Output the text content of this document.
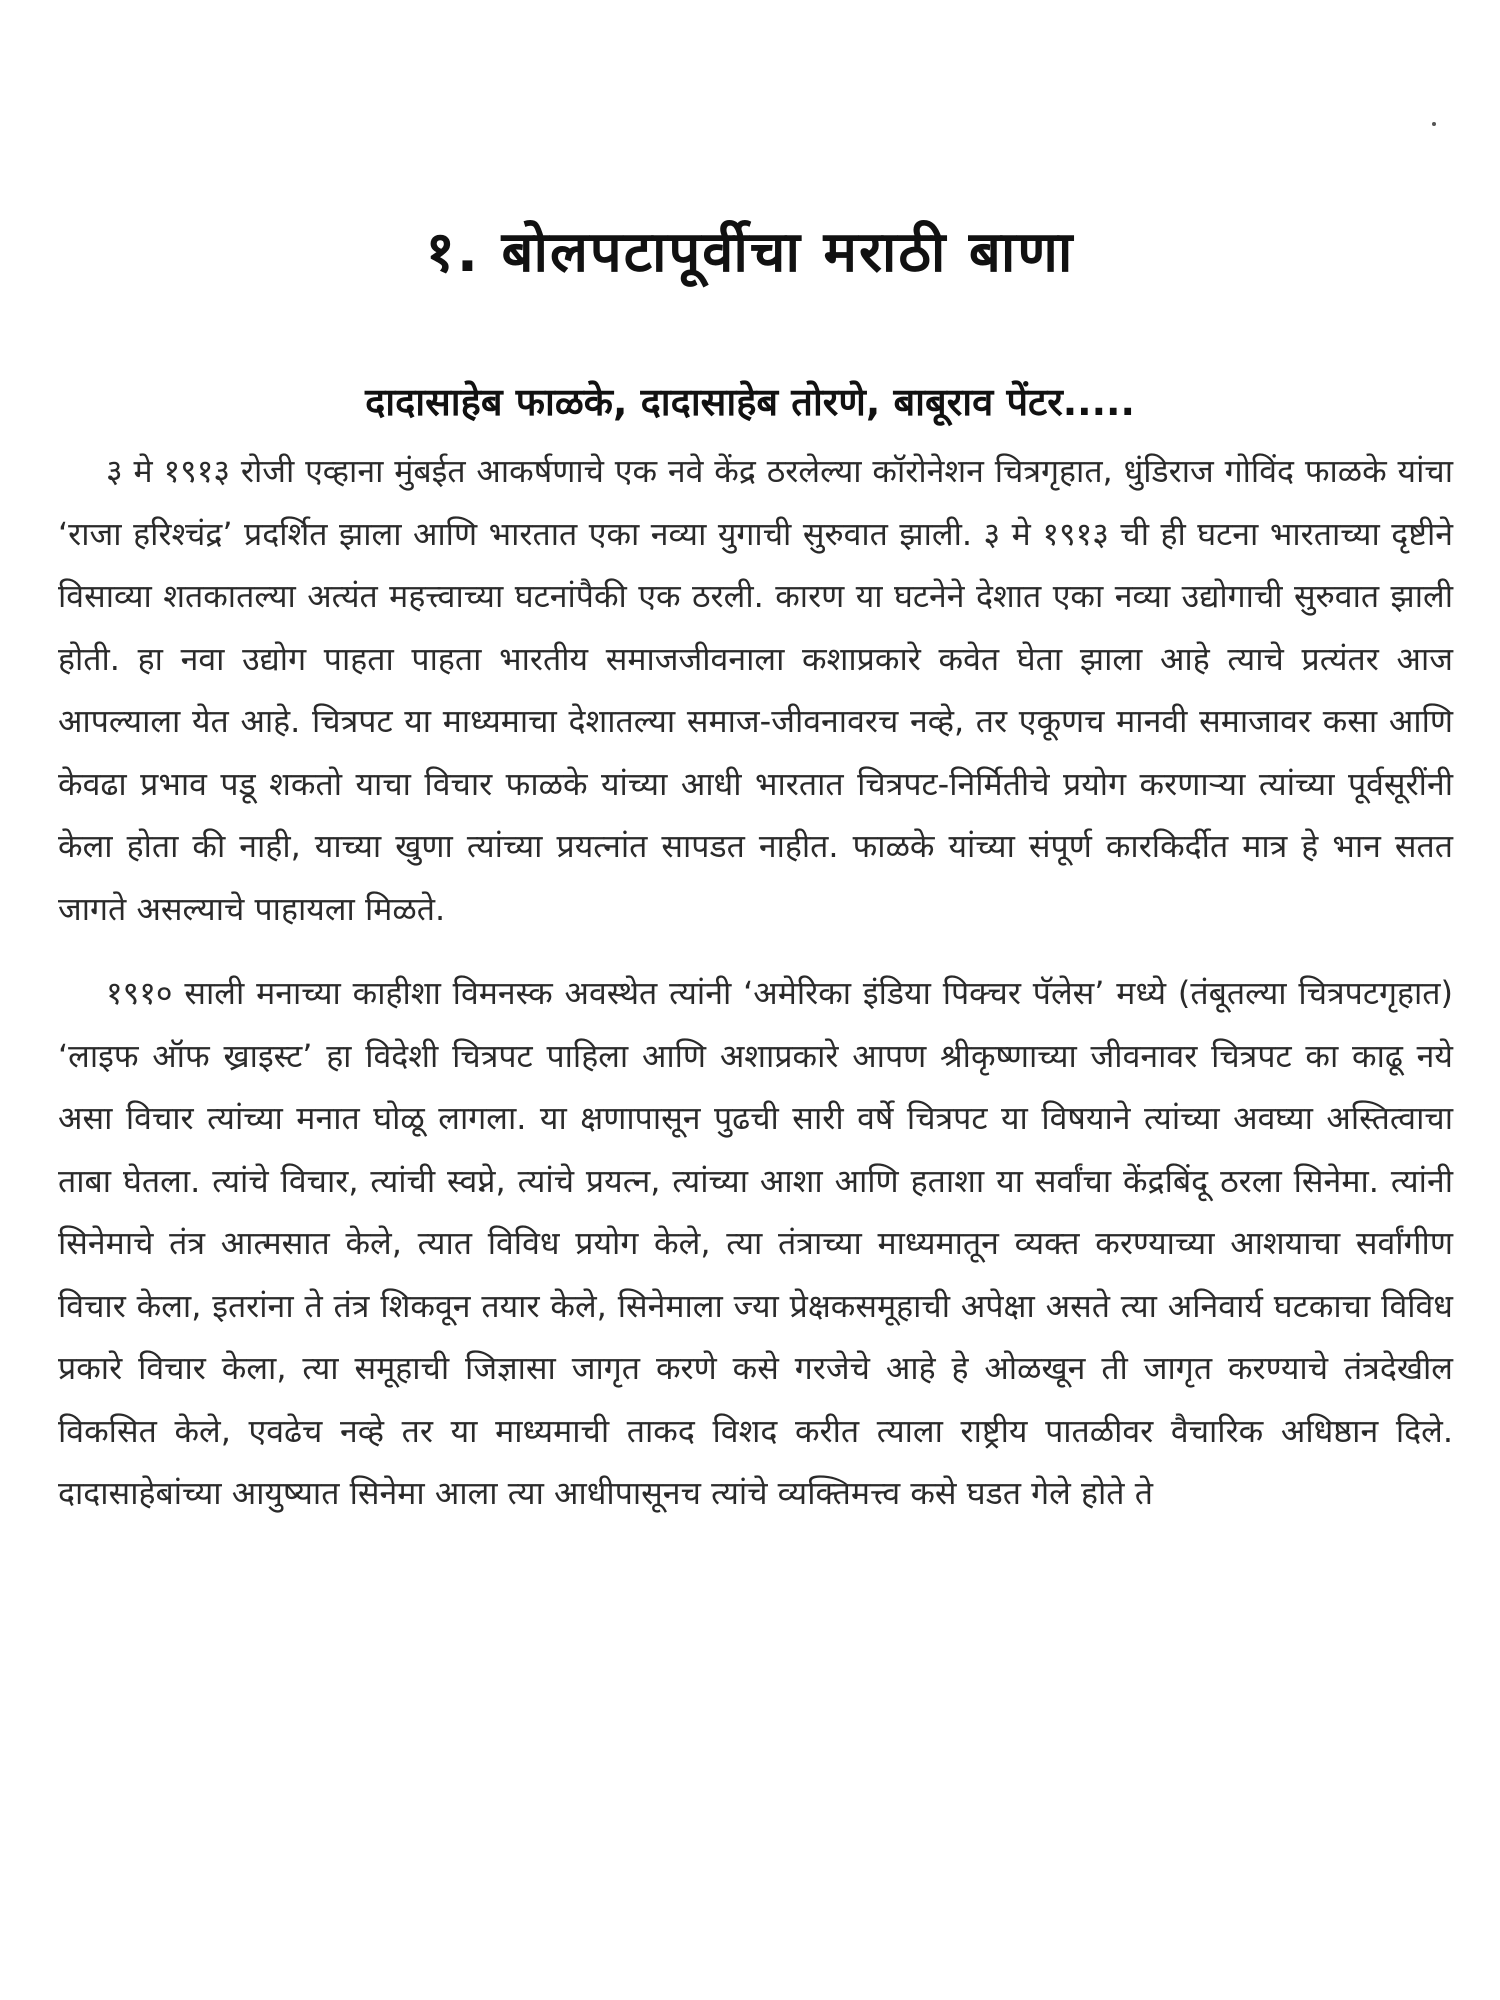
१. बोलपटापूर्वीचा मराठी बाणा
दादासाहेब फाळके, दादासाहेब तोरणे, बाबूराव पेंटर.....

३ मे १९१३ रोजी एव्हाना मुंबईत आकर्षणाचे एक नवे केंद्र ठरलेल्या कॉरोनेशन चित्रगृहात, धुंडिराज गोविंद फाळके यांचा ‘राजा हरिश्चंद्र’ प्रदर्शित झाला आणि भारतात एका नव्या युगाची सुरुवात झाली. ३ मे १९१३ ची ही घटना भारताच्या दृष्टीने विसाव्या शतकातल्या अत्यंत महत्त्वाच्या घटनांपैकी एक ठरली. कारण या घटनेने देशात एका नव्या उद्योगाची सुरुवात झाली होती. हा नवा उद्योग पाहता पाहता भारतीय समाजजीवनाला कशाप्रकारे कवेत घेता झाला आहे त्याचे प्रत्यंतर आज आपल्याला येत आहे. चित्रपट या माध्यमाचा देशातल्या समाज-जीवनावरच नव्हे, तर एकूणच मानवी समाजावर कसा आणि केवढा प्रभाव पडू शकतो याचा विचार फाळके यांच्या आधी भारतात चित्रपट-निर्मितीचे प्रयोग करणाऱ्या त्यांच्या पूर्वसूरींनी केला होता की नाही, याच्या खुणा त्यांच्या प्रयत्नांत सापडत नाहीत. फाळके यांच्या संपूर्ण कारकिर्दीत मात्र हे भान सतत जागते असल्याचे पाहायला मिळते.

१९१० साली मनाच्या काहीशा विमनस्क अवस्थेत त्यांनी ‘अमेरिका इंडिया पिक्चर पॅलेस’ मध्ये (तंबूतल्या चित्रपटगृहात) ‘लाइफ ऑफ ख्राइस्ट’ हा विदेशी चित्रपट पाहिला आणि अशाप्रकारे आपण श्रीकृष्णाच्या जीवनावर चित्रपट का काढू नये असा विचार त्यांच्या मनात घोळू लागला. या क्षणापासून पुढची सारी वर्षे चित्रपट या विषयाने त्यांच्या अवघ्या अस्तित्वाचा ताबा घेतला. त्यांचे विचार, त्यांची स्वप्ने, त्यांचे प्रयत्न, त्यांच्या आशा आणि हताशा या सर्वांचा केंद्रबिंदू ठरला सिनेमा. त्यांनी सिनेमाचे तंत्र आत्मसात केले, त्यात विविध प्रयोग केले, त्या तंत्राच्या माध्यमातून व्यक्त करण्याच्या आशयाचा सर्वांगीण विचार केला, इतरांना ते तंत्र शिकवून तयार केले, सिनेमाला ज्या प्रेक्षकसमूहाची अपेक्षा असते त्या अनिवार्य घटकाचा विविध प्रकारे विचार केला, त्या समूहाची जिज्ञासा जागृत करणे कसे गरजेचे आहे हे ओळखून ती जागृत करण्याचे तंत्रदेखील विकसित केले, एवढेच नव्हे तर या माध्यमाची ताकद विशद करीत त्याला राष्ट्रीय पातळीवर वैचारिक अधिष्ठान दिले. दादासाहेबांच्या आयुष्यात सिनेमा आला त्या आधीपासूनच त्यांचे व्यक्तिमत्त्व कसे घडत गेले होते ते
